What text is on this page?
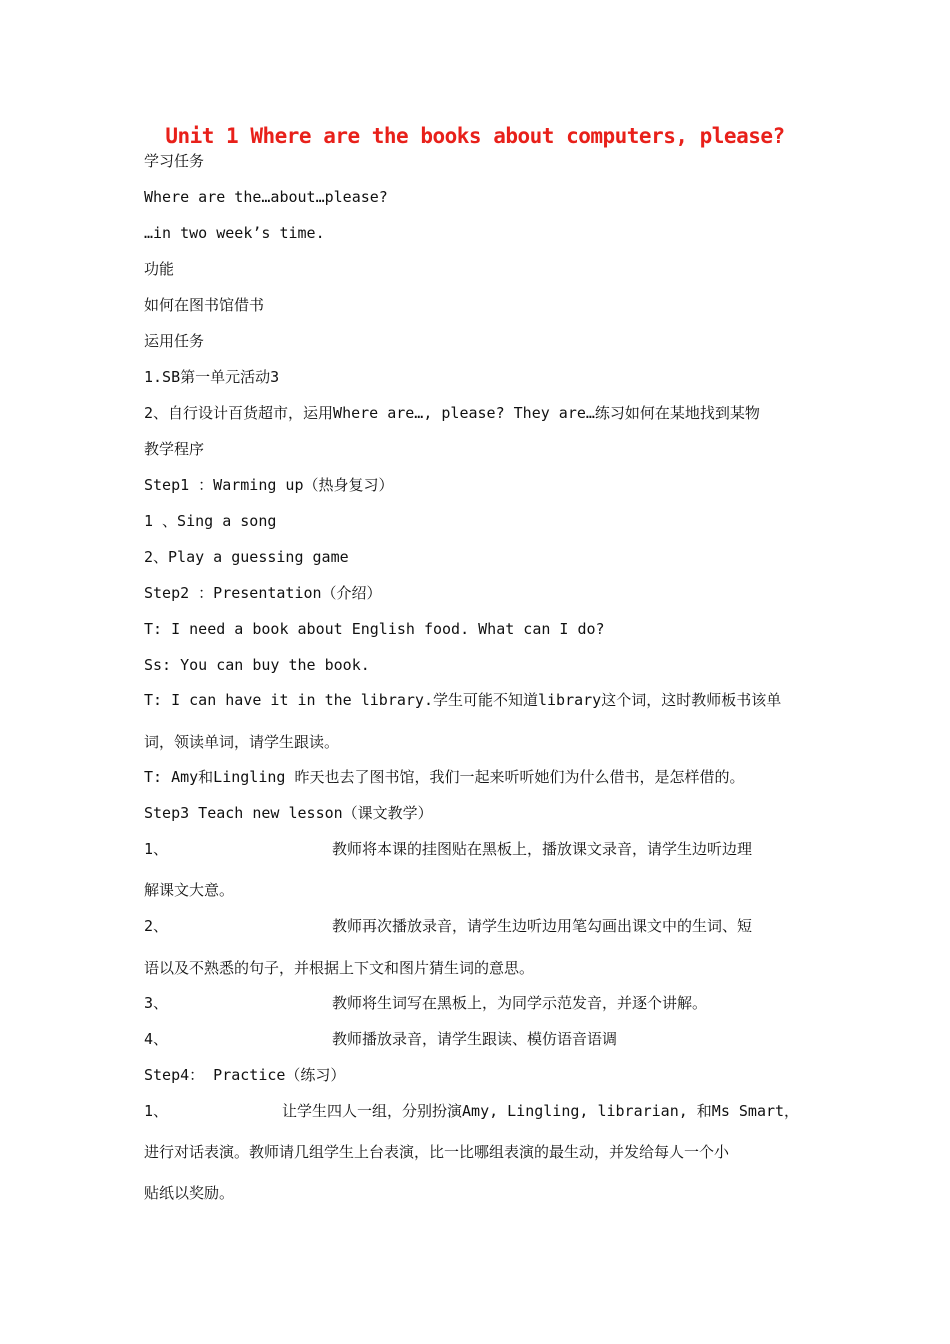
Unit 1 Where are the books about computers, please?
学习任务
Where are the…about…please?
…in two week’s time.
功能
如何在图书馆借书
运用任务
1.SB第一单元活动3
2、自行设计百货超市，运用Where are…, please? They are…练习如何在某地找到某物
教学程序
Step1 ：Warming up（热身复习）
1 、Sing a song
2、Play a guessing game
Step2 ：Presentation（介绍）
T: I need a book about English food. What can I do?
Ss: You can buy the book.
T: I can have it in the library.学生可能不知道library这个词，这时教师板书该单
词，领读单词，请学生跟读。
T: Amy和Lingling 昨天也去了图书馆，我们一起来听听她们为什么借书，是怎样借的。
Step3 Teach new lesson（课文教学）
1、	教师将本课的挂图贴在黑板上，播放课文录音，请学生边听边理
解课文大意。
2、	教师再次播放录音，请学生边听边用笔勾画出课文中的生词、短
语以及不熟悉的句子，并根据上下文和图片猜生词的意思。
3、	教师将生词写在黑板上，为同学示范发音，并逐个讲解。
4、	教师播放录音，请学生跟读、模仿语音语调
Step4： Practice（练习）
1、	让学生四人一组，分别扮演Amy, Lingling, librarian, 和Ms Smart，
进行对话表演。教师请几组学生上台表演，比一比哪组表演的最生动，并发给每人一个小
贴纸以奖励。
